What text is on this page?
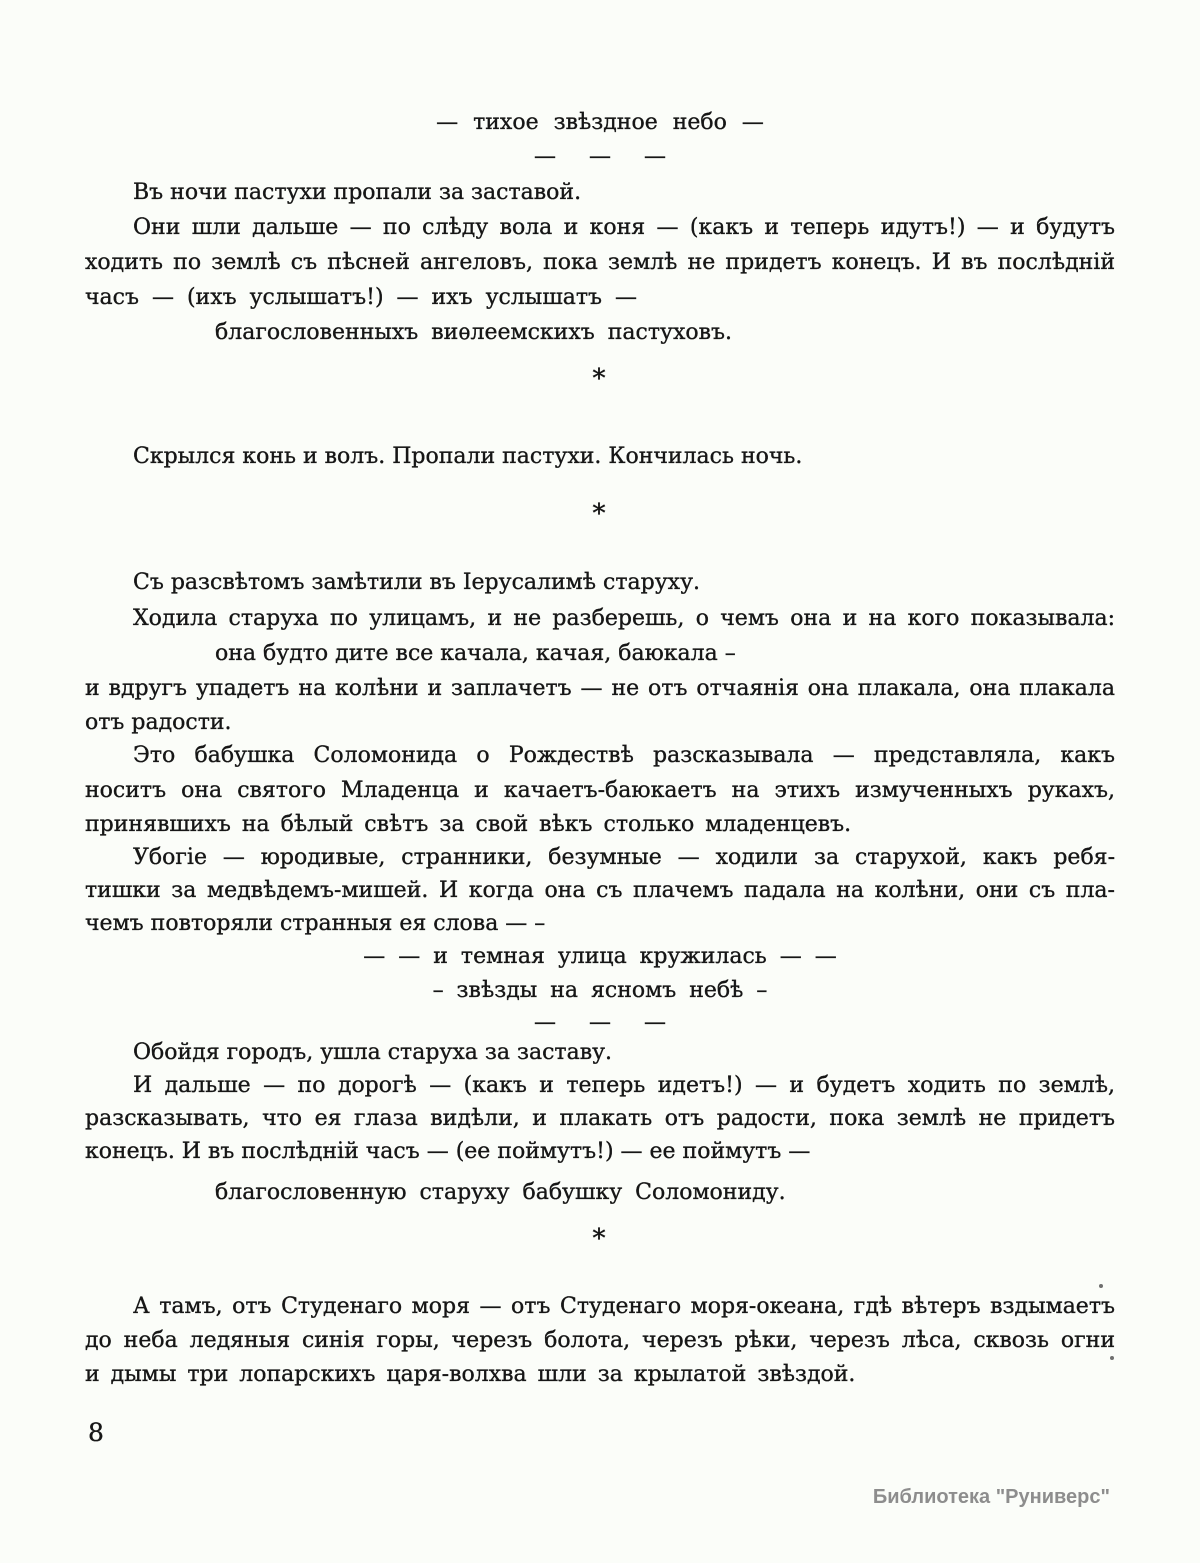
— тихое звѣздное небо —
— — —
Въ ночи пастухи пропали за заставой.
Они шли дальше — по слѣду вола и коня — (какъ и теперь идутъ!) — и будутъ
ходить по землѣ съ пѣсней ангеловъ, пока землѣ не придетъ конецъ. И въ послѣдній
часъ — (ихъ услышатъ!) — ихъ услышатъ —
благословенныхъ виѳлеемскихъ пастуховъ.
*
Скрылся конь и волъ. Пропали пастухи. Кончилась ночь.
*
Съ разсвѣтомъ замѣтили въ Іерусалимѣ старуху.
Ходила старуха по улицамъ, и не разберешь, о чемъ она и на кого показывала:
она будто дите все качала, качая, баюкала –
и вдругъ упадетъ на колѣни и заплачетъ — не отъ отчаянія она плакала, она плакала
отъ радости.
Это бабушка Соломонида о Рождествѣ разсказывала — представляла, какъ
носитъ она святого Младенца и качаетъ-баюкаетъ на этихъ измученныхъ рукахъ,
принявшихъ на бѣлый свѣтъ за свой вѣкъ столько младенцевъ.
Убогіе — юродивые, странники, безумные — ходили за старухой, какъ ребя-
тишки за медвѣдемъ-мишей. И когда она съ плачемъ падала на колѣни, они съ пла-
чемъ повторяли странныя ея слова — –
— — и темная улица кружилась — —
– звѣзды на ясномъ небѣ –
— — —
Обойдя городъ, ушла старуха за заставу.
И дальше — по дорогѣ — (какъ и теперь идетъ!) — и будетъ ходить по землѣ,
разсказывать, что ея глаза видѣли, и плакать отъ радости, пока землѣ не придетъ
конецъ. И въ послѣдній часъ — (ее поймутъ!) — ее поймутъ —
благословенную старуху бабушку Соломониду.
*
А тамъ, отъ Студенаго моря — отъ Студенаго моря-океана, гдѣ вѣтеръ вздымаетъ
до неба ледяныя синія горы, черезъ болота, черезъ рѣки, черезъ лѣса, сквозь огни
и дымы три лопарскихъ царя-волхва шли за крылатой звѣздой.
8
Библиотека "Руниверс"
